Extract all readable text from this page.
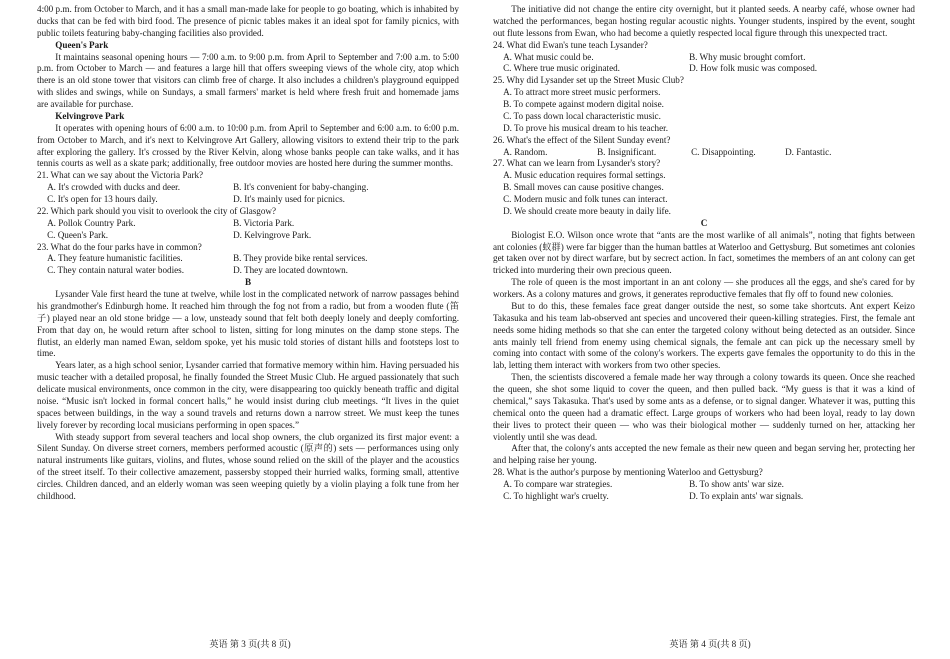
4:00 p.m. from October to March, and it has a small man-made lake for people to go boating, which is inhabited by ducks that can be fed with bird food. The presence of picnic tables makes it an ideal spot for family picnics, with public toilets featuring baby-changing facilities also provided.

Queen's Park

It maintains seasonal opening hours — 7:00 a.m. to 9:00 p.m. from April to September and 7:00 a.m. to 5:00 p.m. from October to March — and features a large hill that offers sweeping views of the whole city, atop which there is an old stone tower that visitors can climb free of charge. It also includes a children's playground equipped with slides and swings, while on Sundays, a small farmers' market is held where fresh fruit and homemade jams are available for purchase.

Kelvingrove Park

It operates with opening hours of 6:00 a.m. to 10:00 p.m. from April to September and 6:00 a.m. to 6:00 p.m. from October to March, and it's next to Kelvingrove Art Gallery, allowing visitors to extend their trip to the park after exploring the gallery. It's crossed by the River Kelvin, along whose banks people can take walks, and it has tennis courts as well as a skate park; additionally, free outdoor movies are hosted here during the summer months.

21. What can we say about the Victoria Park?

A. It's crowded with ducks and deer.	B. It's convenient for baby-changing.
C. It's open for 13 hours daily.	D. It's mainly used for picnics.

22. Which park should you visit to overlook the city of Glasgow?

A. Pollok Country Park.	B. Victoria Park.
C. Queen's Park.	D. Kelvingrove Park.

23. What do the four parks have in common?

A. They feature humanistic facilities.	B. They provide bike rental services.
C. They contain natural water bodies.	D. They are located downtown.

B

Lysander Vale first heard the tune at twelve, while lost in the complicated network of narrow passages behind his grandmother's Edinburgh home. It reached him through the fog not from a radio, but from a wooden flute (笛子) played near an old stone bridge — a low, unsteady sound that felt both deeply lonely and deeply comforting. From that day on, he would return after school to listen, sitting for long minutes on the damp stone steps. The flutist, an elderly man named Ewan, seldom spoke, yet his music told stories of distant hills and footsteps lost to time.

Years later, as a high school senior, Lysander carried that formative memory within him. Having persuaded his music teacher with a detailed proposal, he finally founded the Street Music Club. He argued passionately that such delicate musical environments, once common in the city, were disappearing too quickly beneath traffic and digital noise. “Music isn't locked in formal concert halls,” he would insist during club meetings. “It lives in the quiet spaces between buildings, in the way a sound travels and returns down a narrow street. We must keep the tunes lively forever by recording local musicians performing in open spaces.”

With steady support from several teachers and local shop owners, the club organized its first major event: a Silent Sunday. On diverse street corners, members performed acoustic (原声的) sets — performances using only natural instruments like guitars, violins, and flutes, whose sound relied on the skill of the player and the acoustics of the street itself. To their collective amazement, passersby stopped their hurried walks, forming small, attentive circles. Children danced, and an elderly woman was seen weeping quietly by a violin playing a folk tune from her childhood.

The initiative did not change the entire city overnight, but it planted seeds. A nearby café, whose owner had watched the performances, began hosting regular acoustic nights. Younger students, inspired by the event, sought out flute lessons from Ewan, who had become a quietly respected local figure through this unexpected tract.

24. What did Ewan's tune teach Lysander?

A. What music could be.	B. Why music brought comfort.
C. Where true music originated.	D. How folk music was composed.

25. Why did Lysander set up the Street Music Club?

A. To attract more street music performers.
B. To compete against modern digital noise.
C. To pass down local characteristic music.
D. To prove his musical dream to his teacher.

26. What's the effect of the Silent Sunday event?

A. Random.	B. Insignificant.	C. Disappointing.	D. Fantastic.

27. What can we learn from Lysander's story?

A. Music education requires formal settings.
B. Small moves can cause positive changes.
C. Modern music and folk tunes can interact.
D. We should create more beauty in daily life.

C

Biologist E.O. Wilson once wrote that “ants are the most warlike of all animals”, noting that fights between ant colonies (蚁群) were far bigger than the human battles at Waterloo and Gettysburg. But sometimes ant colonies get taken over not by direct warfare, but by secrect action. In fact, sometimes the members of an ant colony can get tricked into murdering their own precious queen.

The role of queen is the most important in an ant colony — she produces all the eggs, and she's cared for by workers. As a colony matures and grows, it generates reproductive females that fly off to found new colonies.

But to do this, these females face great danger outside the nest, so some take shortcuts. Ant expert Keizo Takasuka and his team lab-observed ant species and uncovered their queen-killing strategies. First, the female ant needs some hiding methods so that she can enter the targeted colony without being detected as an outsider. Since ants mainly tell friend from enemy using chemical signals, the female ant can pick up the necessary smell by coming into contact with some of the colony's workers. The experts gave females the opportunity to do this in the lab, letting them interact with workers from two other species.

Then, the scientists discovered a female made her way through a colony towards its queen. Once she reached the queen, she shot some liquid to cover the queen, and then pulled back. “My guess is that it was a kind of chemical,” says Takasuka. That's used by some ants as a defense, or to signal danger. Whatever it was, putting this chemical onto the queen had a dramatic effect. Large groups of workers who had been loyal, ready to lay down their lives to protect their queen — who was their biological mother — suddenly turned on her, attacking her violently until she was dead.

After that, the colony's ants accepted the new female as their new queen and began serving her, protecting her and helping raise her young.

28. What is the author's purpose by mentioning Waterloo and Gettysburg?

A. To compare war strategies.	B. To show ants' war size.
C. To highlight war's cruelty.	D. To explain ants' war signals.
英语 第 3 页(共 8 页)	英语 第 4 页(共 8 页)
